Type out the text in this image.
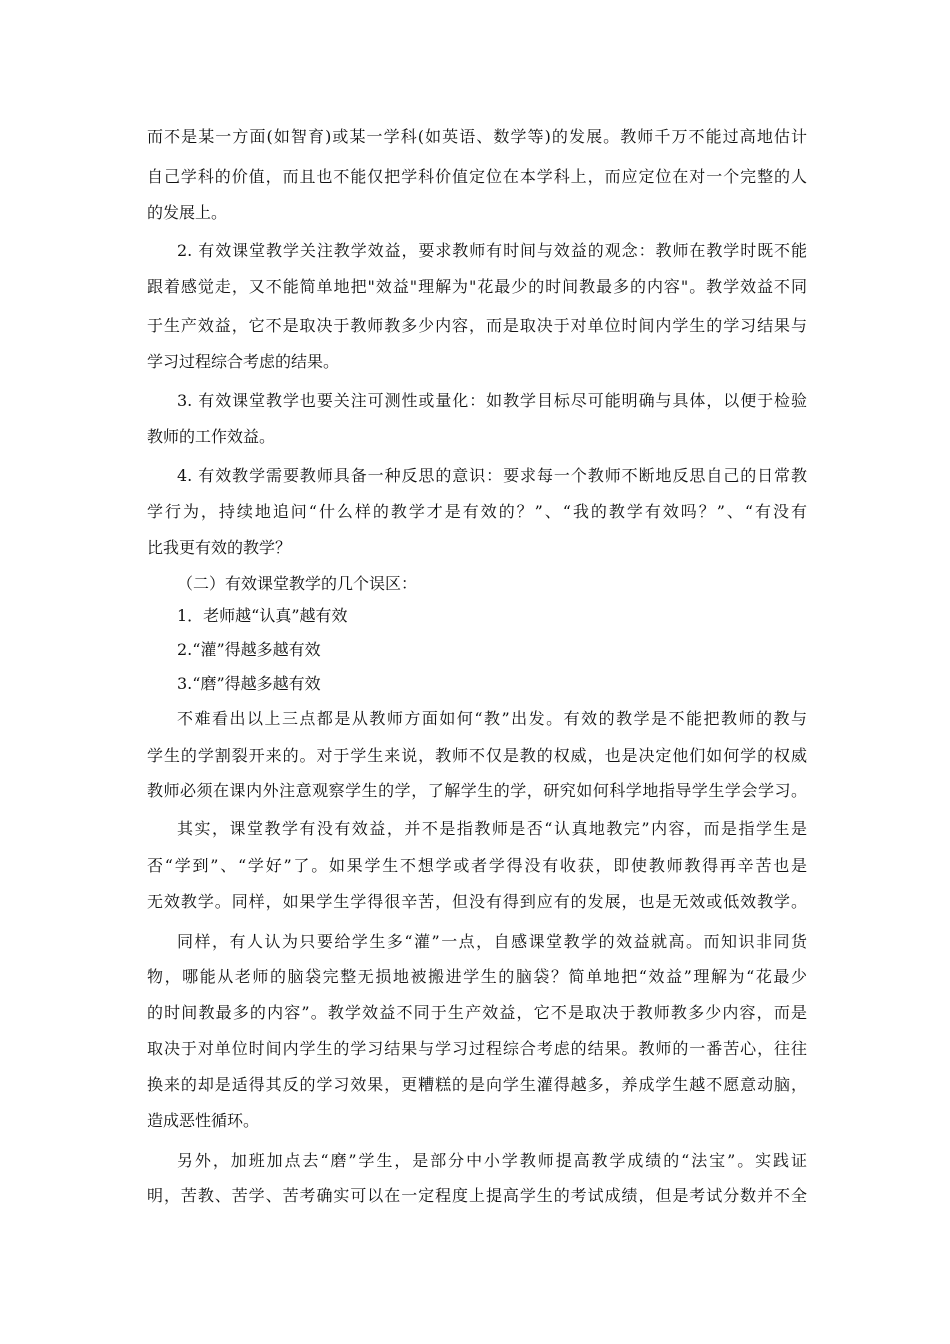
而不是某一方面(如智育)或某一学科(如英语、数学等)的发展。教师千万不能过高地估计
自己学科的价值，而且也不能仅把学科价值定位在本学科上，而应定位在对一个完整的人
的发展上。
2. 有效课堂教学关注教学效益，要求教师有时间与效益的观念：教师在教学时既不能
跟着感觉走，又不能简单地把"效益"理解为"花最少的时间教最多的内容"。教学效益不同
于生产效益，它不是取决于教师教多少内容，而是取决于对单位时间内学生的学习结果与
学习过程综合考虑的结果。
3. 有效课堂教学也要关注可测性或量化：如教学目标尽可能明确与具体，以便于检验
教师的工作效益。
4. 有效教学需要教师具备一种反思的意识：要求每一个教师不断地反思自己的日常教
学行为，持续地追问“什么样的教学才是有效的？”、“我的教学有效吗？”、“有没有
比我更有效的教学？
（二）有效课堂教学的几个误区：
1．老师越“认真”越有效
2.“灌”得越多越有效
3.“磨”得越多越有效
不难看出以上三点都是从教师方面如何“教”出发。有效的教学是不能把教师的教与
学生的学割裂开来的。对于学生来说，教师不仅是教的权威，也是决定他们如何学的权威
教师必须在课内外注意观察学生的学，了解学生的学，研究如何科学地指导学生学会学习。
其实，课堂教学有没有效益，并不是指教师是否“认真地教完”内容，而是指学生是
否“学到”、“学好”了。如果学生不想学或者学得没有收获，即使教师教得再辛苦也是
无效教学。同样，如果学生学得很辛苦，但没有得到应有的发展，也是无效或低效教学。
同样，有人认为只要给学生多“灌”一点，自感课堂教学的效益就高。而知识非同货
物，哪能从老师的脑袋完整无损地被搬进学生的脑袋？简单地把“效益”理解为“花最少
的时间教最多的内容”。教学效益不同于生产效益，它不是取决于教师教多少内容，而是
取决于对单位时间内学生的学习结果与学习过程综合考虑的结果。教师的一番苦心，往往
换来的却是适得其反的学习效果，更糟糕的是向学生灌得越多，养成学生越不愿意动脑，
造成恶性循环。
另外，加班加点去“磨”学生，是部分中小学教师提高教学成绩的“法宝”。实践证
明，苦教、苦学、苦考确实可以在一定程度上提高学生的考试成绩，但是考试分数并不全
